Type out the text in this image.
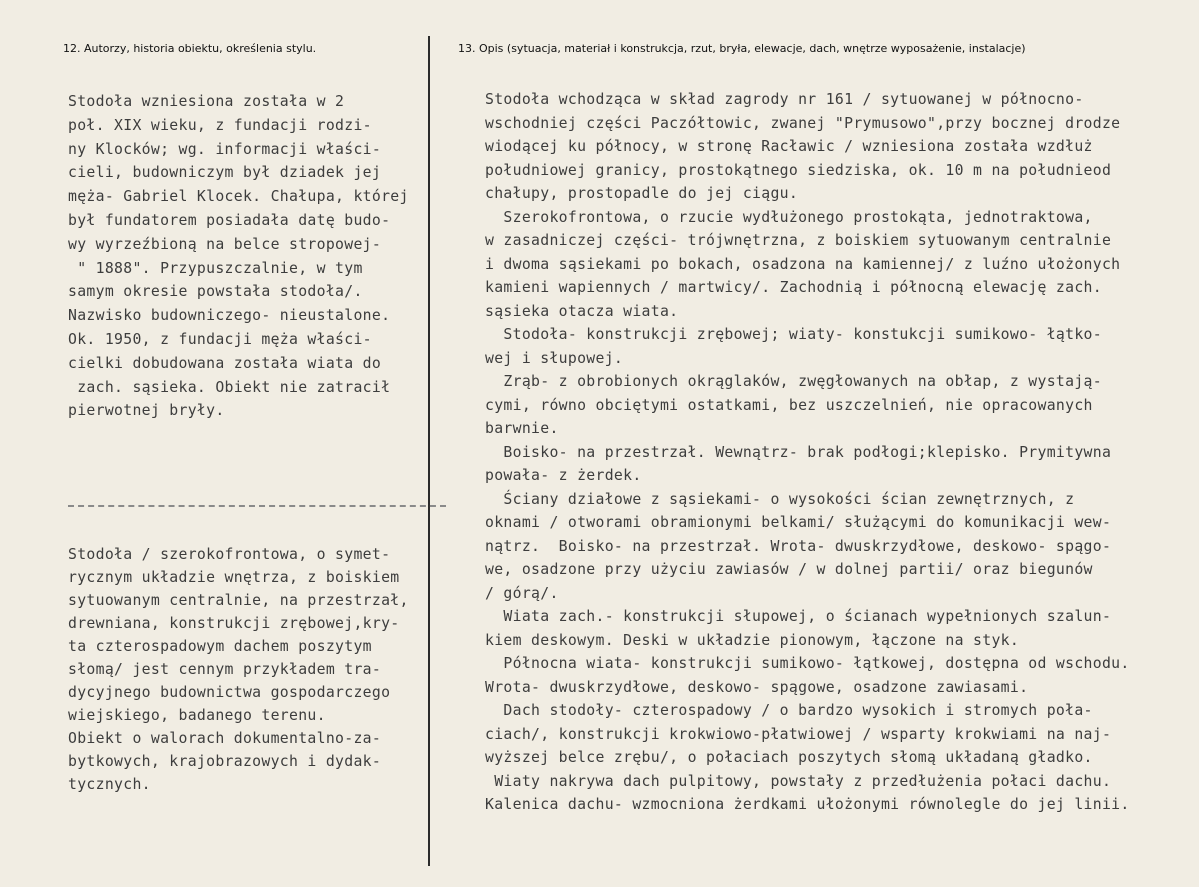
12. Autorzy, historia obiektu, określenia stylu.	13. Opis (sytuacja, materiał i konstrukcja, rzut, bryła, elewacje, dach, wnętrze wyposażenie, instalacje)
Stodoła wzniesiona została w 2
poł. XIX wieku, z fundacji rodzi-
ny Klocków; wg. informacji właści-
cieli, budowniczym był dziadek jej
męża- Gabriel Klocek. Chałupa, której
był fundatorem posiadała datę budo-
wy wyrzeźbioną na belce stropowej-
" 1888". Przypuszczalnie, w tym
samym okresie powstała stodoła/.
Nazwisko budowniczego- nieustalone.
Ok. 1950, z fundacji męża właści-
cielki dobudowana została wiata do
zach. sąsieka. Obiekt nie zatracił
pierwotnej bryły.
Stodoła / szerokofrontowa, o symet-
rycznym układzie wnętrza, z boiskiem
sytuowanym centralnie, na przestrzał,
drewniana, konstrukcji zrębowej,kry-
ta czterospadowym dachem poszytym
słomą/ jest cennym przykładem tra-
dycyjnego budownictwa gospodarczego
wiejskiego, badanego terenu.
Obiekt o walorach dokumentalno-za-
bytkowych, krajobrazowych i dydak-
tycznych.
Stodoła wchodząca w skład zagrody nr 161 / sytuowanej w północno-
wschodniej części Paczółtowic, zwanej "Prymusowo",przy bocznej drodze
wiodącej ku północy, w stronę Racławic / wzniesiona została wzdłuż
południowej granicy, prostokątnego siedziska, ok. 10 m na południeod
chałupy, prostopadle do jej ciągu.
Szerokofrontowa, o rzucie wydłużonego prostokąta, jednotraktowa,
w zasadniczej części- trójwnętrzna, z boiskiem sytuowanym centralnie
i dwoma sąsiekami po bokach, osadzona na kamiennej/ z luźno ułożonych
kamieni wapiennych / martwicy/. Zachodnią i północną elewację zach.
sąsieka otacza wiata.
Stodoła- konstrukcji zrębowej; wiaty- konstukcji sumikowo- łątko-
wej i słupowej.
Zrąb- z obrobionych okrąglaków, zwęgłowanych na obłap, z wystają-
cymi, równo obciętymi ostatkami, bez uszczelnień, nie opracowanych
barwnie.
Boisko- na przestrzał. Wewnątrz- brak podłogi;klepisko. Prymitywna
powała- z żerdek.
Ściany działowe z sąsiekami- o wysokości ścian zewnętrznych, z
oknami / otworami obramionymi belkami/ służącymi do komunikacji wew-
nątrz.  Boisko- na przestrzał. Wrota- dwuskrzydłowe, deskowo- spągo-
we, osadzone przy użyciu zawiasów / w dolnej partii/ oraz biegunów
/ górą/.
Wiata zach.- konstrukcji słupowej, o ścianach wypełnionych szalun-
kiem deskowym. Deski w układzie pionowym, łączone na styk.
Północna wiata- konstrukcji sumikowo- łątkowej, dostępna od wschodu.
Wrota- dwuskrzydłowe, deskowo- spągowe, osadzone zawiasami.
Dach stodoły- czterospadowy / o bardzo wysokich i stromych poła-
ciach/, konstrukcji krokwiowo-płatwiowej / wsparty krokwiami na naj-
wyższej belce zrębu/, o połaciach poszytych słomą układaną gładko.
Wiaty nakrywa dach pulpitowy, powstały z przedłużenia połaci dachu.
Kalenica dachu- wzmocniona żerdkami ułożonymi równolegle do jej linii.
